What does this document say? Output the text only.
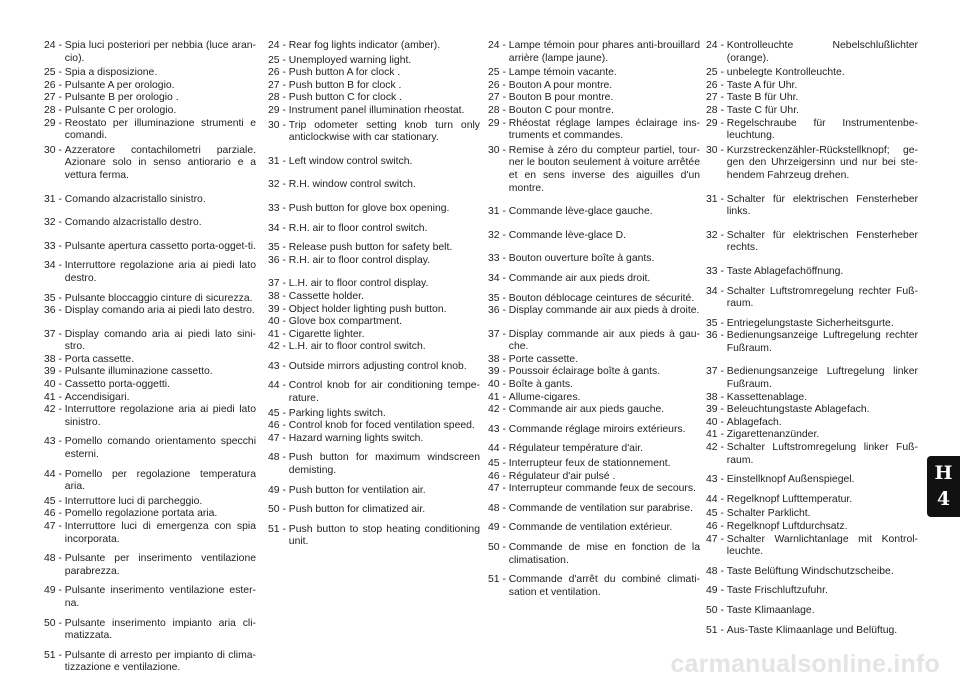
24 - Spia luci posteriori per nebbia (luce aran-cio).
25 - Spia a disposizione.
26 - Pulsante A per orologio.
27 - Pulsante B per orologio .
28 - Pulsante C per orologio.
29 - Reostato per illuminazione strumenti e comandi.
30 - Azzeratore contachilometri parziale. Azionare solo in senso antiorario e a vettura ferma.
31 - Comando alzacristallo sinistro.
32 - Comando alzacristallo destro.
33 - Pulsante apertura cassetto porta-ogget-ti.
34 - Interruttore regolazione aria ai piedi lato destro.
35 - Pulsante bloccaggio cinture di sicurezza.
36 - Display comando aria ai piedi lato destro.
37 - Display comando aria ai piedi lato sini-stro.
38 - Porta cassette.
39 - Pulsante illuminazione cassetto.
40 - Cassetto porta-oggetti.
41 - Accendisigari.
42 - Interruttore regolazione aria ai piedi lato sinistro.
43 - Pomello comando orientamento specchi esterni.
44 - Pomello per regolazione temperatura aria.
45 - Interruttore luci di parcheggio.
46 - Pomello regolazione portata aria.
47 - Interruttore luci di emergenza con spia incorporata.
48 - Pulsante per inserimento ventilazione parabrezza.
49 - Pulsante inserimento ventilazione ester-na.
50 - Pulsante inserimento impianto aria cli-matizzata.
51 - Pulsante di arresto per impianto di clima-tizzazione e ventilazione.
24 - Rear fog lights indicator (amber).
25 - Unemployed warning light.
26 - Push button A for clock .
27 - Push button B for clock .
28 - Push button C for clock .
29 - Instrument panel illumination rheostat.
30 - Trip odometer setting knob turn only anticlockwise with car stationary.
31 - Left window control switch.
32 - R.H. window control switch.
33 - Push button for glove box opening.
34 - R.H. air to floor control switch.
35 - Release push button for safety belt.
36 - R.H. air to floor control display.
37 - L.H. air to floor control display.
38 - Cassette holder.
39 - Object holder lighting push button.
40 - Glove box compartment.
41 - Cigarette lighter.
42 - L.H. air to floor control switch.
43 - Outside mirrors adjusting control knob.
44 - Control knob for air conditioning tempe-rature.
45 - Parking lights switch.
46 - Control knob for foced ventilation speed.
47 - Hazard warning lights switch.
48 - Push button for maximum windscreen demisting.
49 - Push button for ventilation air.
50 - Push button for climatized air.
51 - Push button to stop heating conditioning unit.
24 - Lampe témoin pour phares anti-brouillard arrière (lampe jaune).
25 - Lampe témoin vacante.
26 - Bouton A pour montre.
27 - Bouton B pour montre.
28 - Bouton C pour montre.
29 - Rhéostat réglage lampes éclairage ins-truments et commandes.
30 - Remise à zéro du compteur partiel, tour-ner le bouton seulement à voiture arrêtée et en sens inverse des aiguilles d'un montre.
31 - Commande lève-glace gauche.
32 - Commande lève-glace D.
33 - Bouton ouverture boîte à gants.
34 - Commande air aux pieds droit.
35 - Bouton déblocage ceintures de sécurité.
36 - Display commande air aux pieds à droite.
37 - Display commande air aux pieds à gau-che.
38 - Porte cassette.
39 - Poussoir éclairage boîte à gants.
40 - Boîte à gants.
41 - Allume-cigares.
42 - Commande air aux pieds gauche.
43 - Commande réglage miroirs extérieurs.
44 - Régulateur température d'air.
45 - Interrupteur feux de stationnement.
46 - Régulateur d'air pulsé .
47 - Interrupteur commande feux de secours.
48 - Commande de ventilation sur parabrise.
49 - Commande de ventilation extérieur.
50 - Commande de mise en fonction de la climatisation.
51 - Commande d'arrêt du combiné climati-sation et ventilation.
24 - Kontrolleuchte Nebelschlußlichter (orange).
25 - unbelegte Kontrolleuchte.
26 - Taste A für Uhr.
27 - Taste B für Uhr.
28 - Taste C für Uhr.
29 - Regelschraube für Instrumentenbe-leuchtung.
30 - Kurzstreckenzähler-Rückstellknopf; ge-gen den Uhrzeigersinn und nur bei ste-hendem Fahrzeug drehen.
31 - Schalter für elektrischen Fensterheber links.
32 - Schalter für elektrischen Fensterheber rechts.
33 - Taste Ablagefachöffnung.
34 - Schalter Luftstromregelung rechter Fuß-raum.
35 - Entriegelungstaste Sicherheitsgurte.
36 - Bedienungsanzeige Luftregelung rechter Fußraum.
37 - Bedienungsanzeige Luftregelung linker Fußraum.
38 - Kassettenablage.
39 - Beleuchtungstaste Ablagefach.
40 - Ablagefach.
41 - Zigarettenanzünder.
42 - Schalter Luftstromregelung linker Fuß-raum.
43 - Einstellknopf Außenspiegel.
44 - Regelknopf Lufttemperatur.
45 - Schalter Parklicht.
46 - Regelknopf Luftdurchsatz.
47 - Schalter Warnlichtanlage mit Kontrol-leuchte.
48 - Taste Belüftung Windschutzscheibe.
49 - Taste Frischluftzufuhr.
50 - Taste Klimaanlage.
51 - Aus-Taste Klimaanlage und Belüftug.
H
4
carmanualsonline.info
